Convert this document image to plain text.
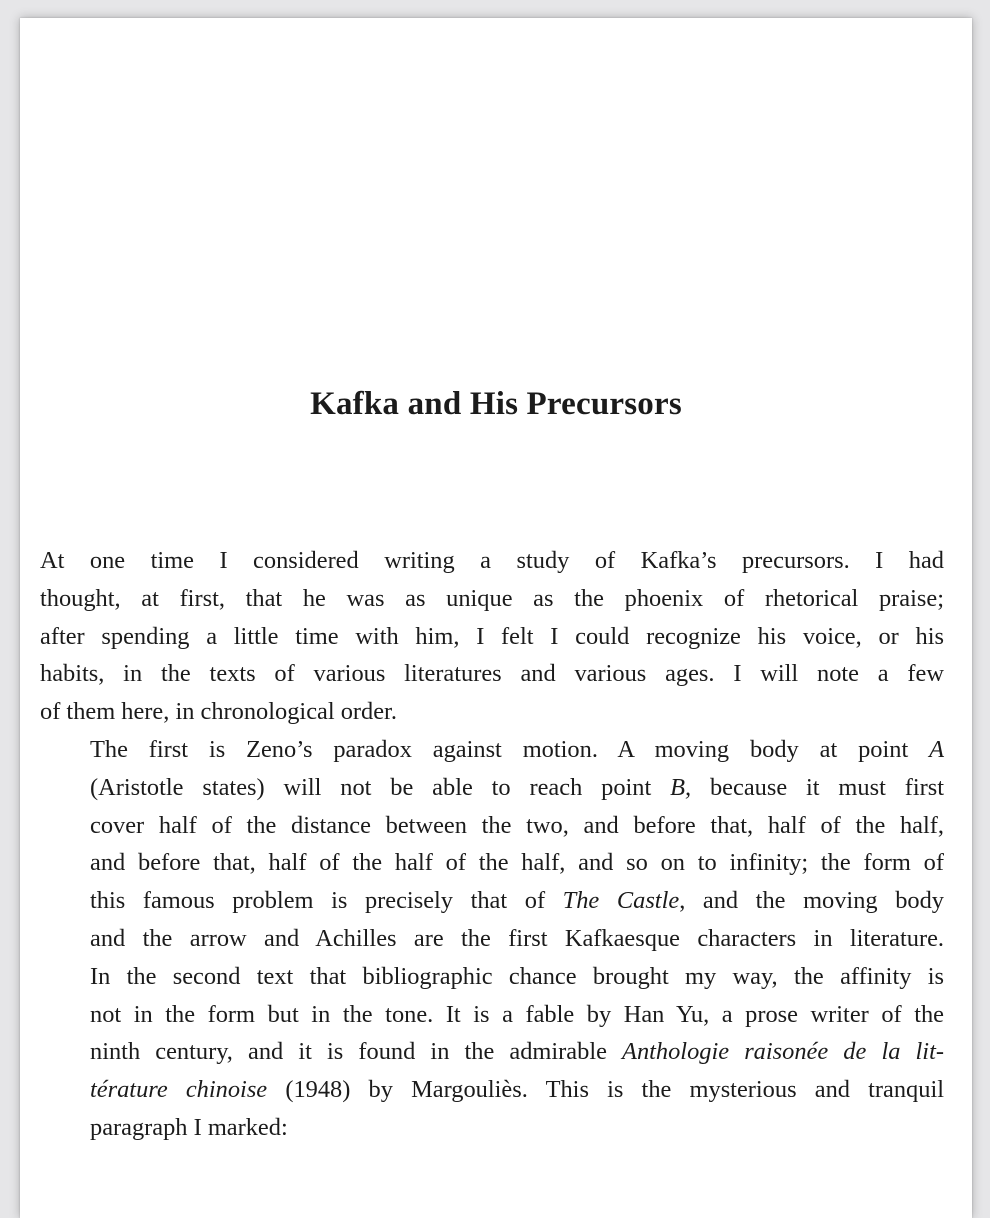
Kafka and His Precursors

At one time I considered writing a study of Kafka’s precursors. I had
thought, at first, that he was as unique as the phoenix of rhetorical praise;
after spending a little time with him, I felt I could recognize his voice, or his
habits, in the texts of various literatures and various ages. I will note a few
of them here, in chronological order.

The first is Zeno’s paradox against motion. A moving body at point A
(Aristotle states) will not be able to reach point B, because it must first
cover half of the distance between the two, and before that, half of the half,
and before that, half of the half of the half, and so on to infinity; the form of
this famous problem is precisely that of The Castle, and the moving body
and the arrow and Achilles are the first Kafkaesque characters in literature.
In the second text that bibliographic chance brought my way, the affinity is
not in the form but in the tone. It is a fable by Han Yu, a prose writer of the
ninth century, and it is found in the admirable Anthologie raisonée de la lit-
térature chinoise (1948) by Margouliès. This is the mysterious and tranquil
paragraph I marked:
